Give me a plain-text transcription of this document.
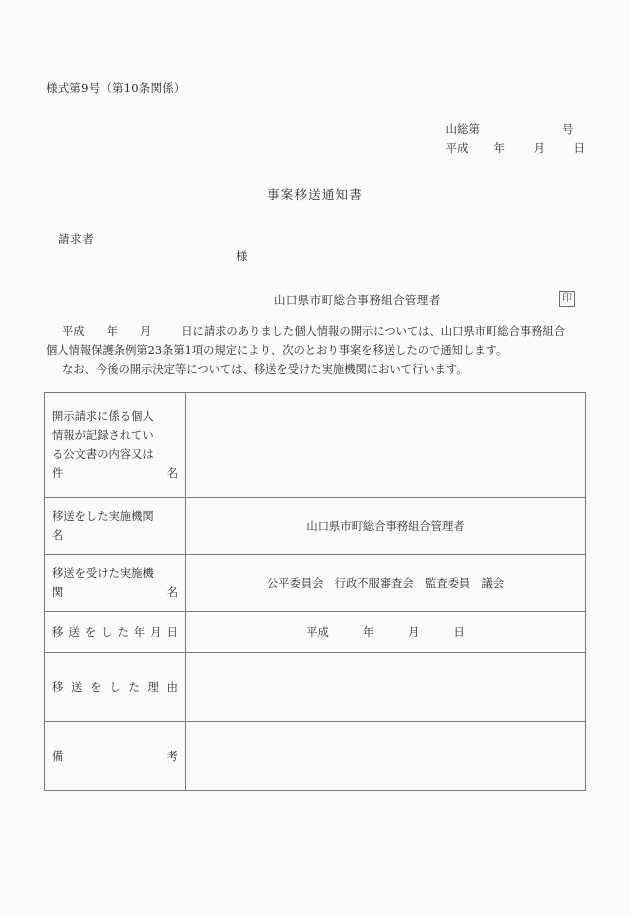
様式第9号（第10条関係）
山総第	号
平成	年	月	日
事案移送通知書
請求者
様
山口県市町総合事務組合管理者	印

平成 年 月	日に請求のありました個人情報の開示については、山口県市町総合事務組合

個人情報保護条例第23条第1項の規定により、次のとおり事案を移送したので通知します。

なお、今後の開示決定等については、移送を受けた実施機関において行います。

開示請求に係る個人
情報が記録されてい
る公文書の内容又は
件 名	

移送をした実施機関
名	山口県市町総合事務組合管理者

移送を受けた実施機
関 名	公平委員会　行政不服審査会　監査委員　議会

移 送 を し た 年 月 日	平成	年	月	日

移 送 を し た 理 由

備 考	
